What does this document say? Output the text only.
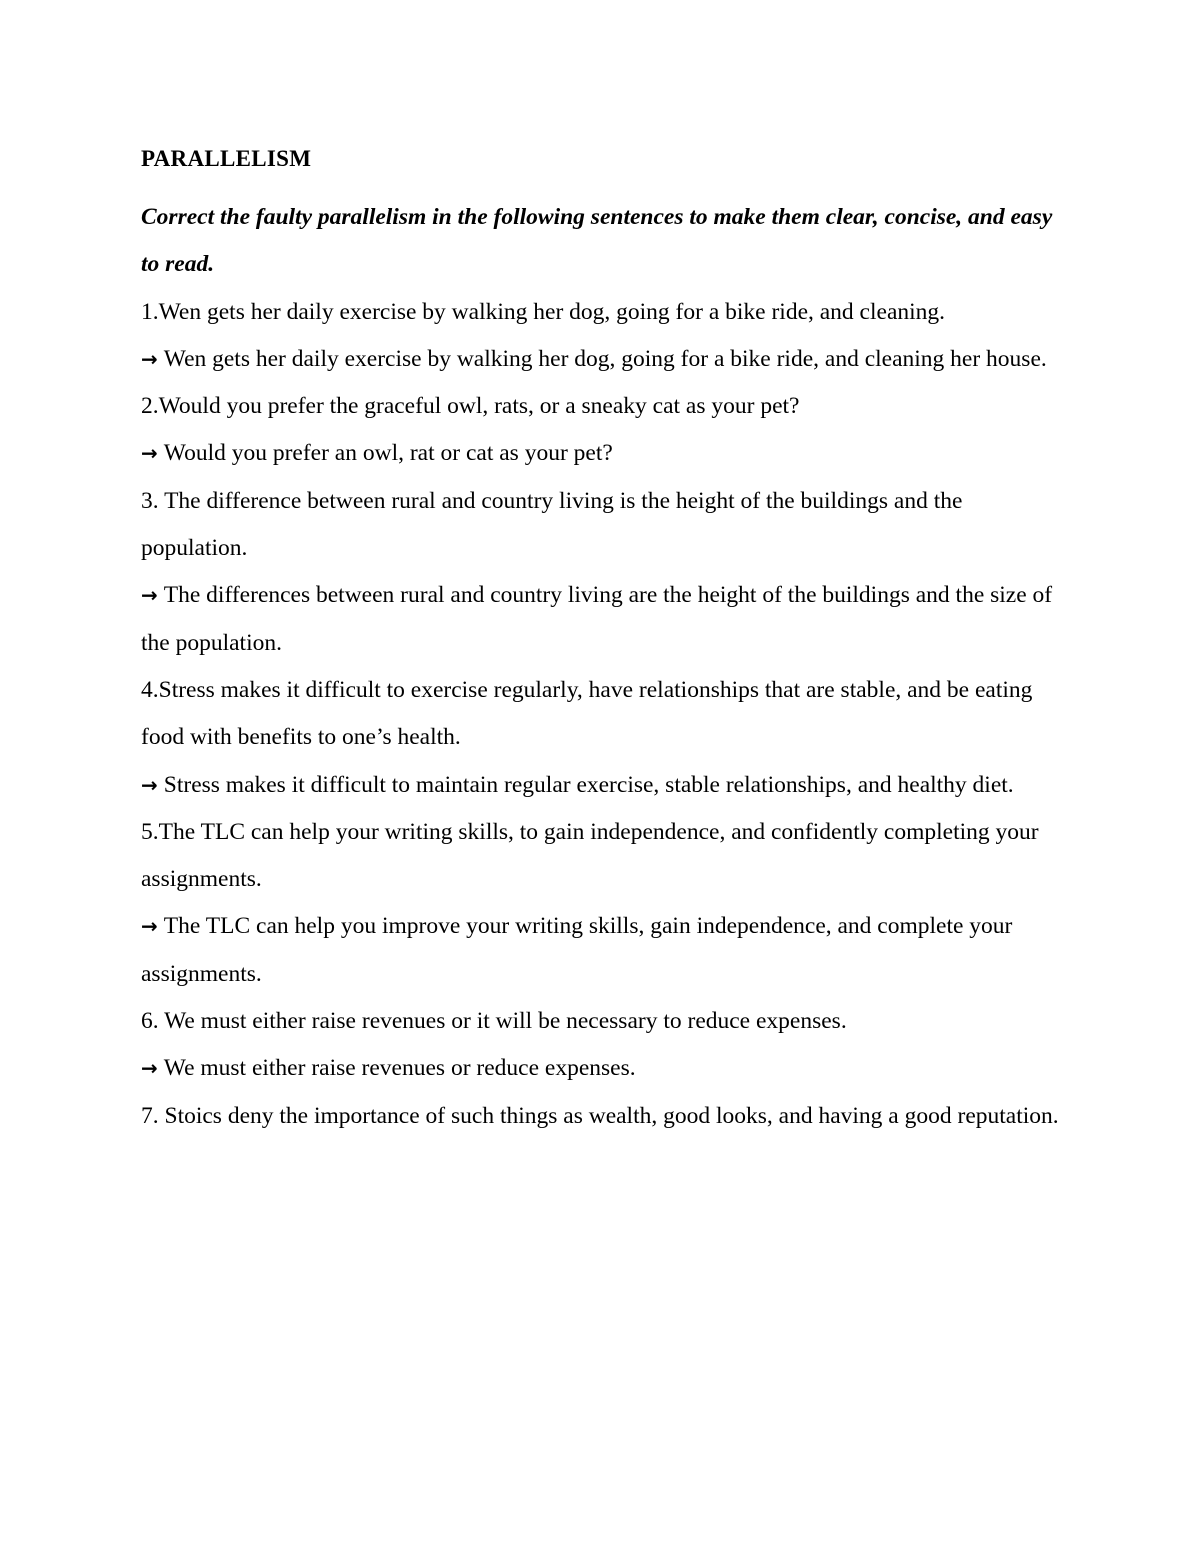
PARALLELISM

Correct the faulty parallelism in the following sentences to make them clear, concise, and easy to read.

1.Wen gets her daily exercise by walking her dog, going for a bike ride, and cleaning.

→ Wen gets her daily exercise by walking her dog, going for a bike ride, and cleaning her house.

2.Would you prefer the graceful owl, rats, or a sneaky cat as your pet?

→ Would you prefer an owl, rat or cat as your pet?

3. The difference between rural and country living is the height of the buildings and the population.

→ The differences between rural and country living are the height of the buildings and the size of the population.

4.Stress makes it difficult to exercise regularly, have relationships that are stable, and be eating food with benefits to one’s health.

→ Stress makes it difficult to maintain regular exercise, stable relationships, and healthy diet.

5.The TLC can help your writing skills, to gain independence, and confidently completing your assignments.

→ The TLC can help you improve your writing skills, gain independence, and complete your assignments.

6. We must either raise revenues or it will be necessary to reduce expenses.

→ We must either raise revenues or reduce expenses.

7. Stoics deny the importance of such things as wealth, good looks, and having a good reputation.
